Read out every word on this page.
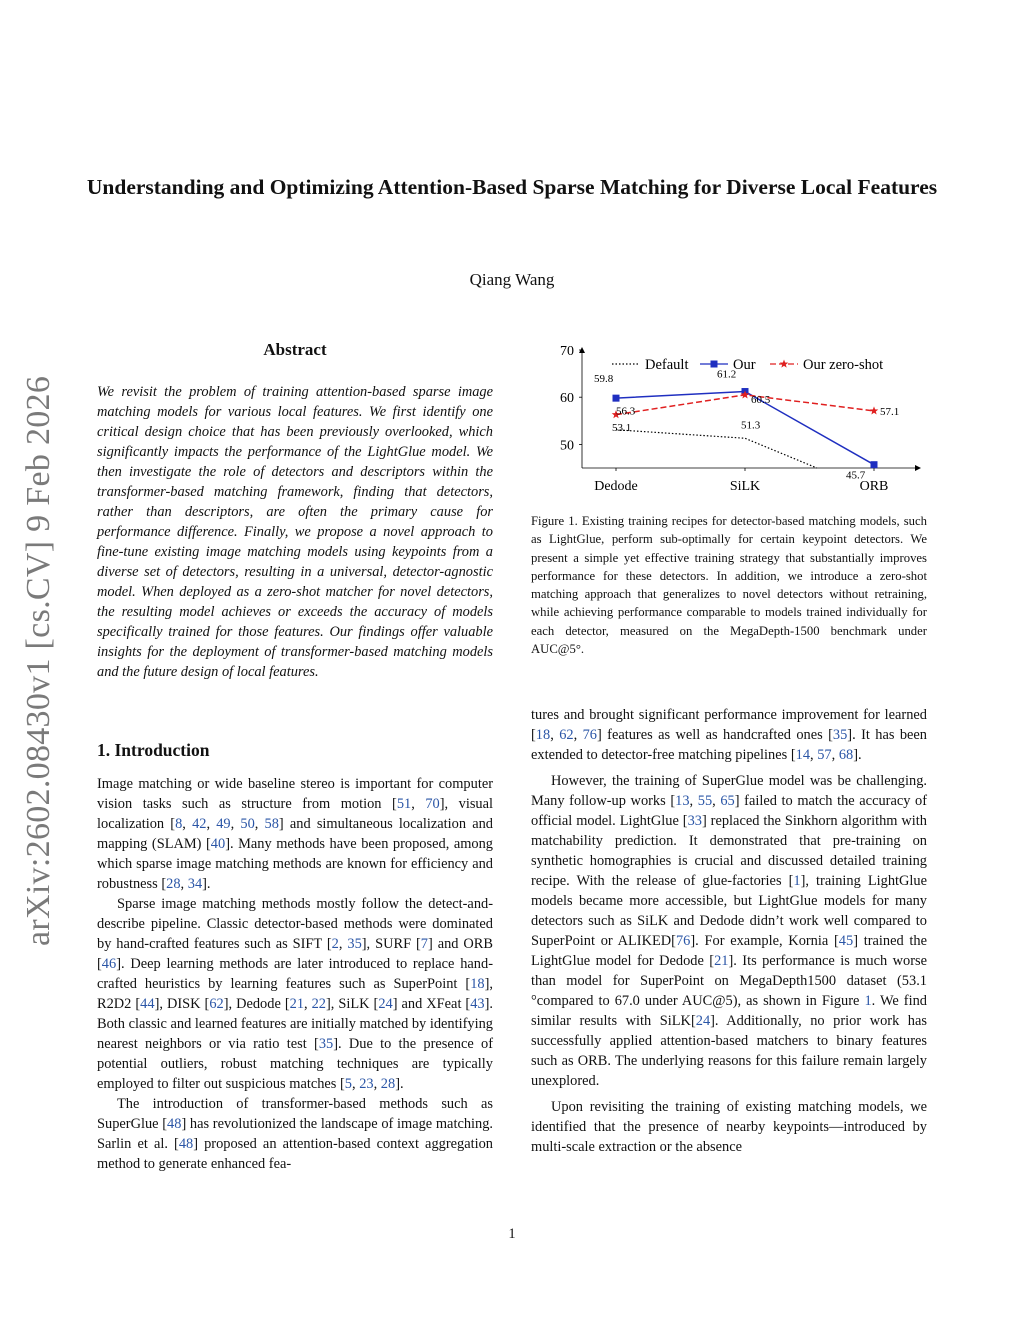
arXiv:2602.08430v1 [cs.CV] 9 Feb 2026
Understanding and Optimizing Attention-Based Sparse Matching for Diverse Local Features
Qiang Wang
Abstract

We revisit the problem of training attention-based sparse image matching models for various local features. We first identify one critical design choice that has been previously overlooked, which significantly impacts the performance of the LightGlue model. We then investigate the role of detectors and descriptors within the transformer-based matching framework, finding that detectors, rather than descriptors, are often the primary cause for performance difference. Finally, we propose a novel approach to fine-tune existing image matching models using keypoints from a diverse set of detectors, resulting in a universal, detector-agnostic model. When deployed as a zero-shot matcher for novel detectors, the resulting model achieves or exceeds the accuracy of models specifically trained for those features. Our findings offer valuable insights for the deployment of transformer-based matching models and the future design of local features.

1. Introduction

Image matching or wide baseline stereo is important for computer vision tasks such as structure from motion [51, 70], visual localization [8, 42, 49, 50, 58] and simultaneous localization and mapping (SLAM) [40]. Many methods have been proposed, among which sparse image matching methods are known for efficiency and robustness [28, 34].

Sparse image matching methods mostly follow the detect-and-describe pipeline. Classic detector-based methods were dominated by hand-crafted features such as SIFT [2, 35], SURF [7] and ORB [46]. Deep learning methods are later introduced to replace hand-crafted heuristics by learning features such as SuperPoint [18], R2D2 [44], DISK [62], Dedode [21, 22], SiLK [24] and XFeat [43]. Both classic and learned features are initially matched by identifying nearest neighbors or via ratio test [35]. Due to the presence of potential outliers, robust matching techniques are typically employed to filter out suspicious matches [5, 23, 28].

The introduction of transformer-based methods such as SuperGlue [48] has revolutionized the landscape of image matching. Sarlin et al. [48] proposed an attention-based context aggregation method to generate enhanced fea-

tures and brought significant performance improvement for learned [18, 62, 76] features as well as handcrafted ones [35]. It has been extended to detector-free matching pipelines [14, 57, 68].

However, the training of SuperGlue model was be challenging. Many follow-up works [13, 55, 65] failed to match the accuracy of official model. LightGlue [33] replaced the Sinkhorn algorithm with matchability prediction. It demonstrated that pre-training on synthetic homographies is crucial and discussed detailed training recipe. With the release of glue-factories [1], training LightGlue models became more accessible, but LightGlue models for many detectors such as SiLK and Dedode didn’t work well compared to SuperPoint or ALIKED[76]. For example, Kornia [45] trained the LightGlue model for Dedode [21]. Its performance is much worse than model for SuperPoint on MegaDepth1500 dataset (53.1 °compared to 67.0 under AUC@5), as shown in Figure 1. We find similar results with SiLK[24]. Additionally, no prior work has successfully applied attention-based matchers to binary features such as ORB. The underlying reasons for this failure remain largely unexplored.

Upon revisiting the training of existing matching models, we identified that the presence of nearby keypoints—introduced by multi-scale extraction or the absence

50
60
70
Dedode	SiLK	ORB
53.1	51.3
59.8	61.2
45.7
56.3
60.5
57.1
Default	Our	Our zero-shot

Figure 1. Existing training recipes for detector-based matching models, such as LightGlue, perform sub-optimally for certain keypoint detectors. We present a simple yet effective training strategy that substantially improves performance for these detectors. In addition, we introduce a zero-shot matching approach that generalizes to novel detectors without retraining, while achieving performance comparable to models trained individually for each detector, measured on the MegaDepth-1500 benchmark under AUC@5°.

1
